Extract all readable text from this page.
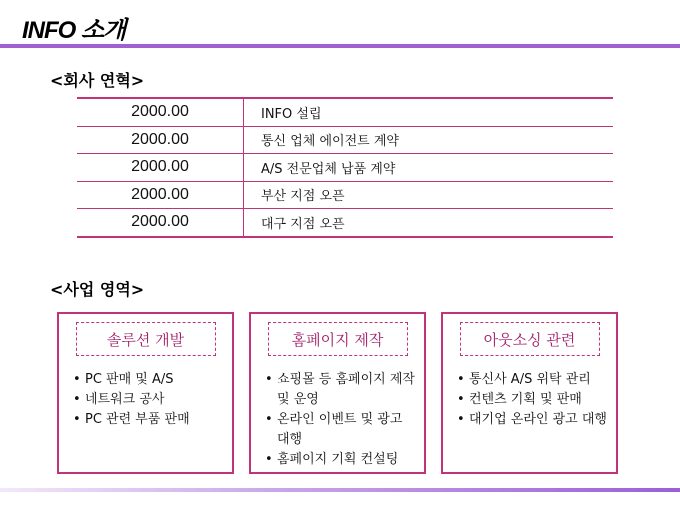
INFO 소개
<회사 연혁>
2000.00	INFO 설립
2000.00	통신 업체 에이전트 계약
2000.00	A/S 전문업체 납품 계약
2000.00	부산 지점 오픈
2000.00	대구 지점 오픈
<사업 영역>
솔루션 개발
• PC 판매 및 A/S
• 네트워크 공사
• PC 관련 부품 판매
홈페이지 제작
• 쇼핑몰 등 홈페이지 제작 및 운영
• 온라인 이벤트 및 광고 대행
• 홈페이지 기획 컨설팅
아웃소싱 관련
• 통신사 A/S 위탁 관리
• 컨텐츠 기획 및 판매
• 대기업 온라인 광고 대행
